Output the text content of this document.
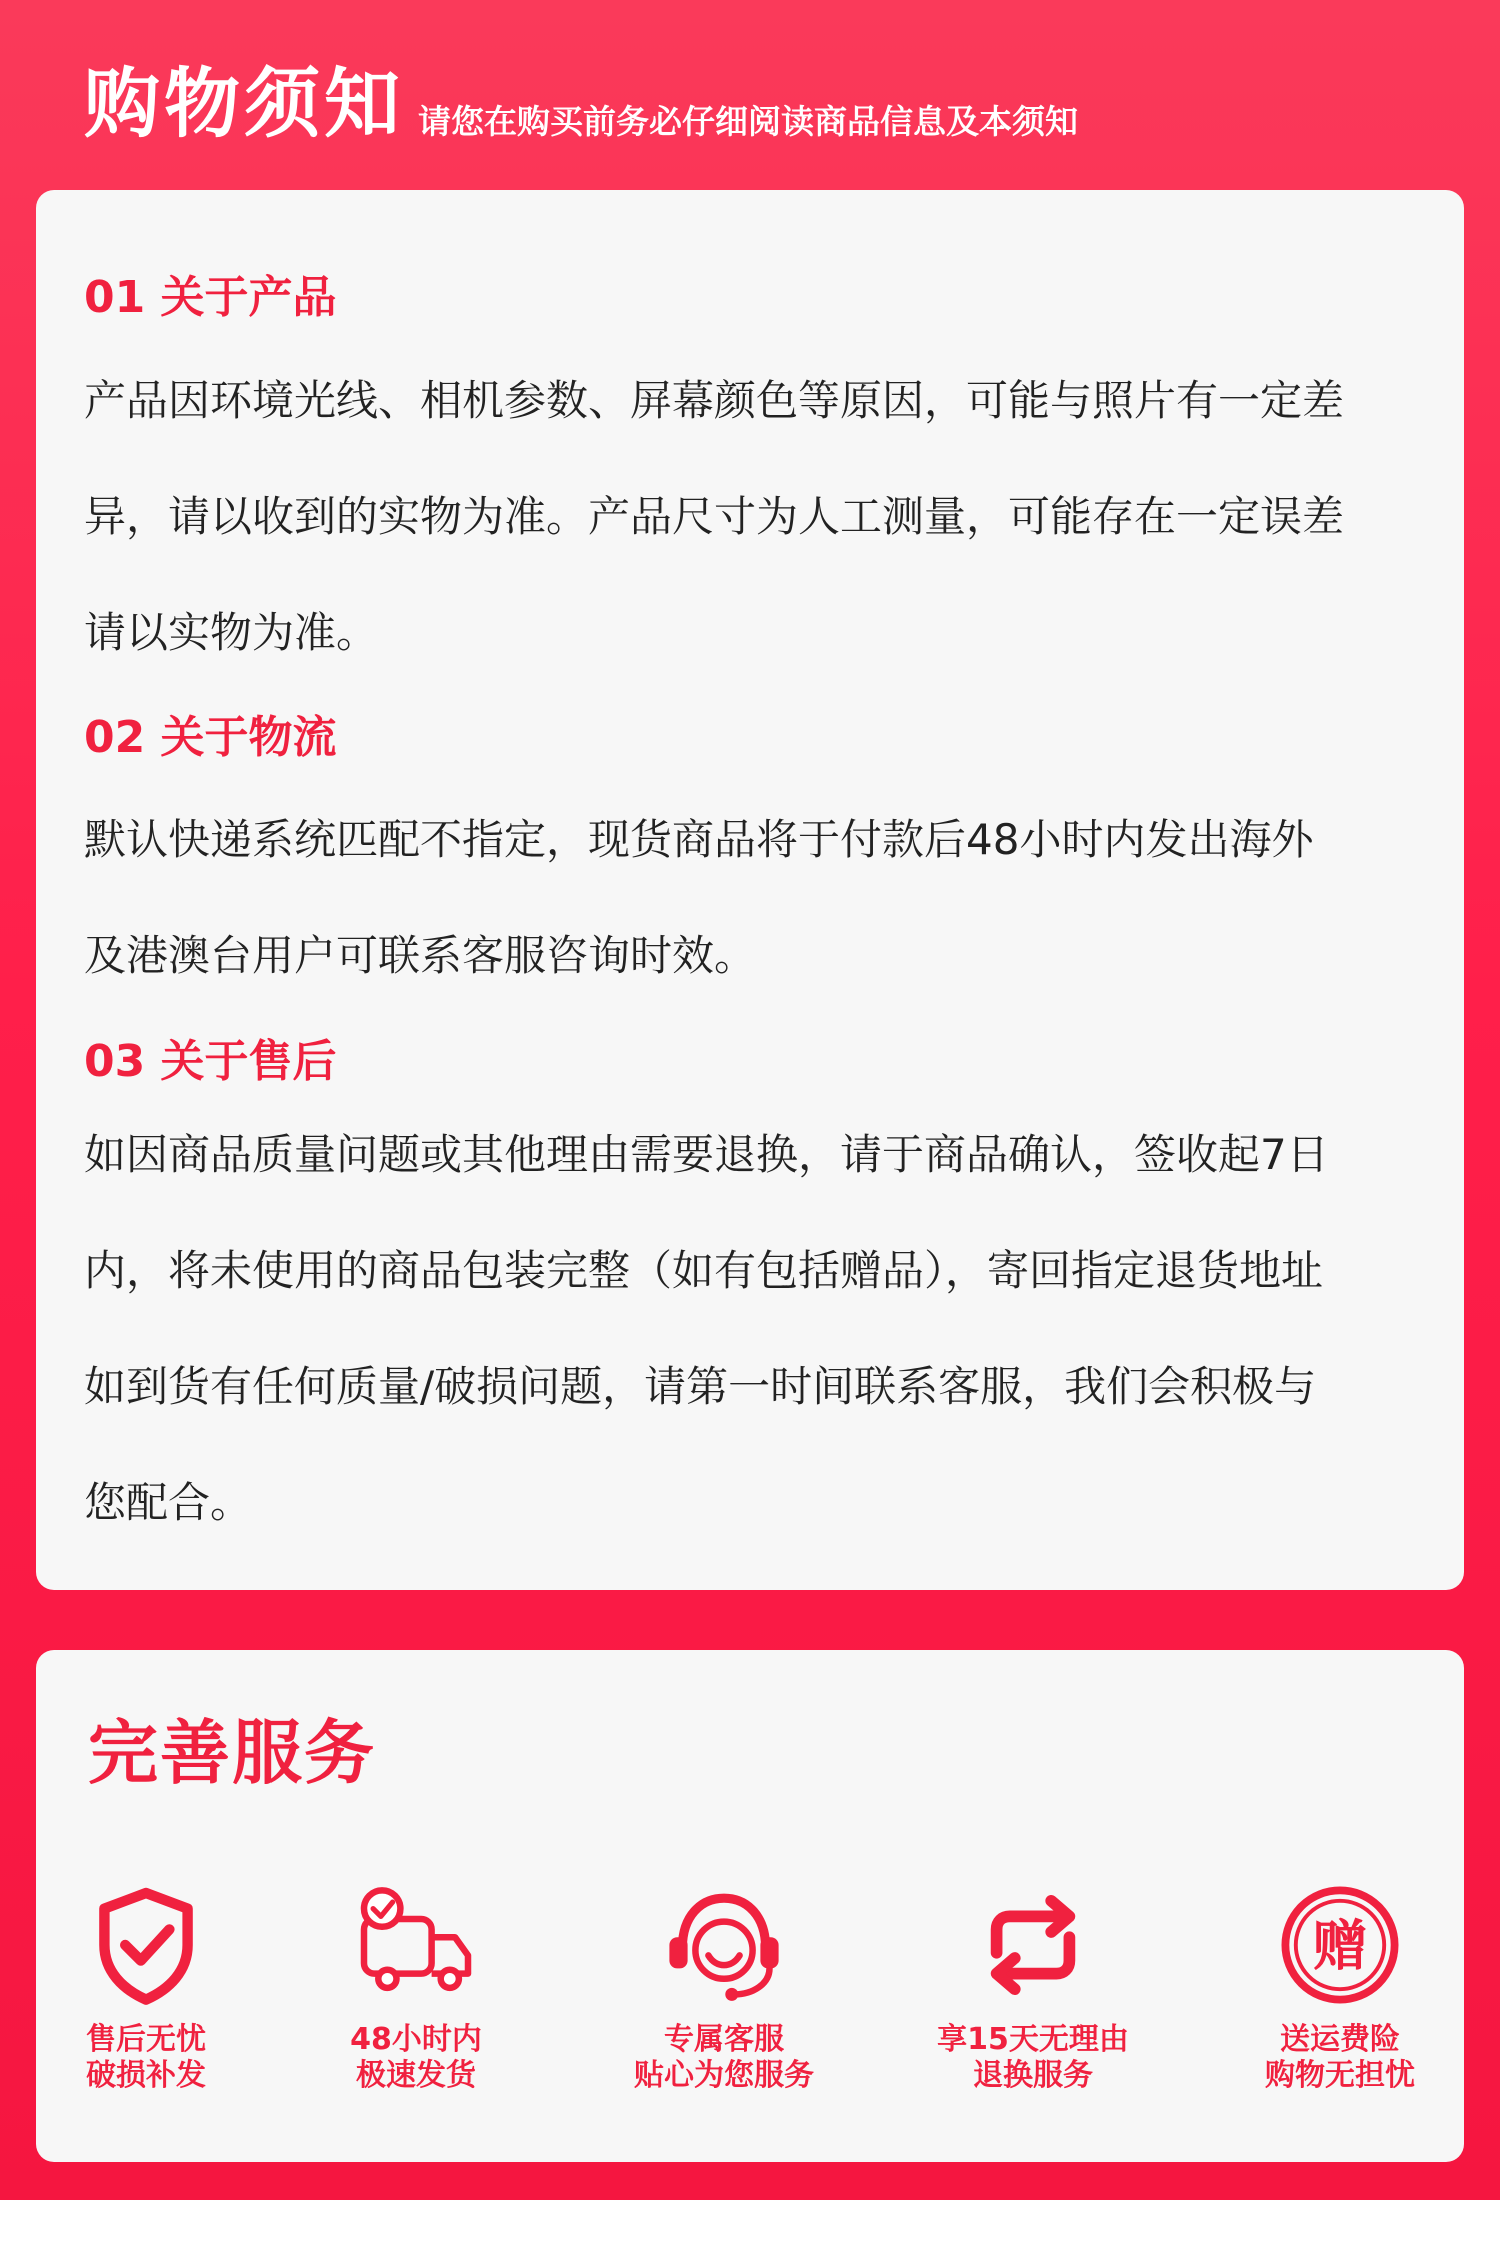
购物须知 请您在购买前务必仔细阅读商品信息及本须知
01 关于产品
产品因环境光线、相机参数、屏幕颜色等原因，可能与照片有一定差
异，请以收到的实物为准。产品尺寸为人工测量，可能存在一定误差
请以实物为准。
02 关于物流
默认快递系统匹配不指定，现货商品将于付款后48小时内发出海外
及港澳台用户可联系客服咨询时效。
03 关于售后
如因商品质量问题或其他理由需要退换，请于商品确认，签收起7日
内，将未使用的商品包装完整（如有包括赠品），寄回指定退货地址
如到货有任何质量/破损问题，请第一时间联系客服，我们会积极与
您配合。
完善服务
售后无忧
破损补发
48小时内
极速发货
专属客服
贴心为您服务
享15天无理由
退换服务
赠
送运费险
购物无担忧
